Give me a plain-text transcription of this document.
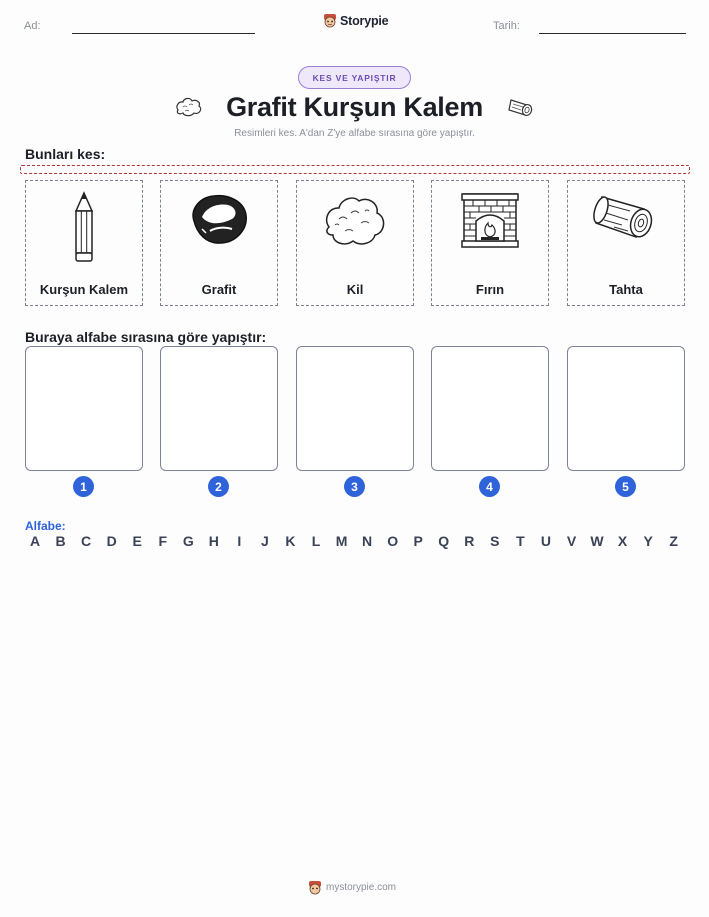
Ad:	Storypie	Tarih:
KES VE YAPIŞTIR
Grafit Kurşun Kalem
Resimleri kes. A'dan Z'ye alfabe sırasına göre yapıştır.
Bunları kes:
Kurşun Kalem	Grafit	Kil	Fırın	Tahta
Buraya alfabe sırasına göre yapıştır:
1	2	3	4	5
Alfabe:
A	B	C	D	E	F	G	H	I	J	K	L	M	N	O	P	Q	R	S	T	U	V	W	X	Y	Z
mystorypie.com
